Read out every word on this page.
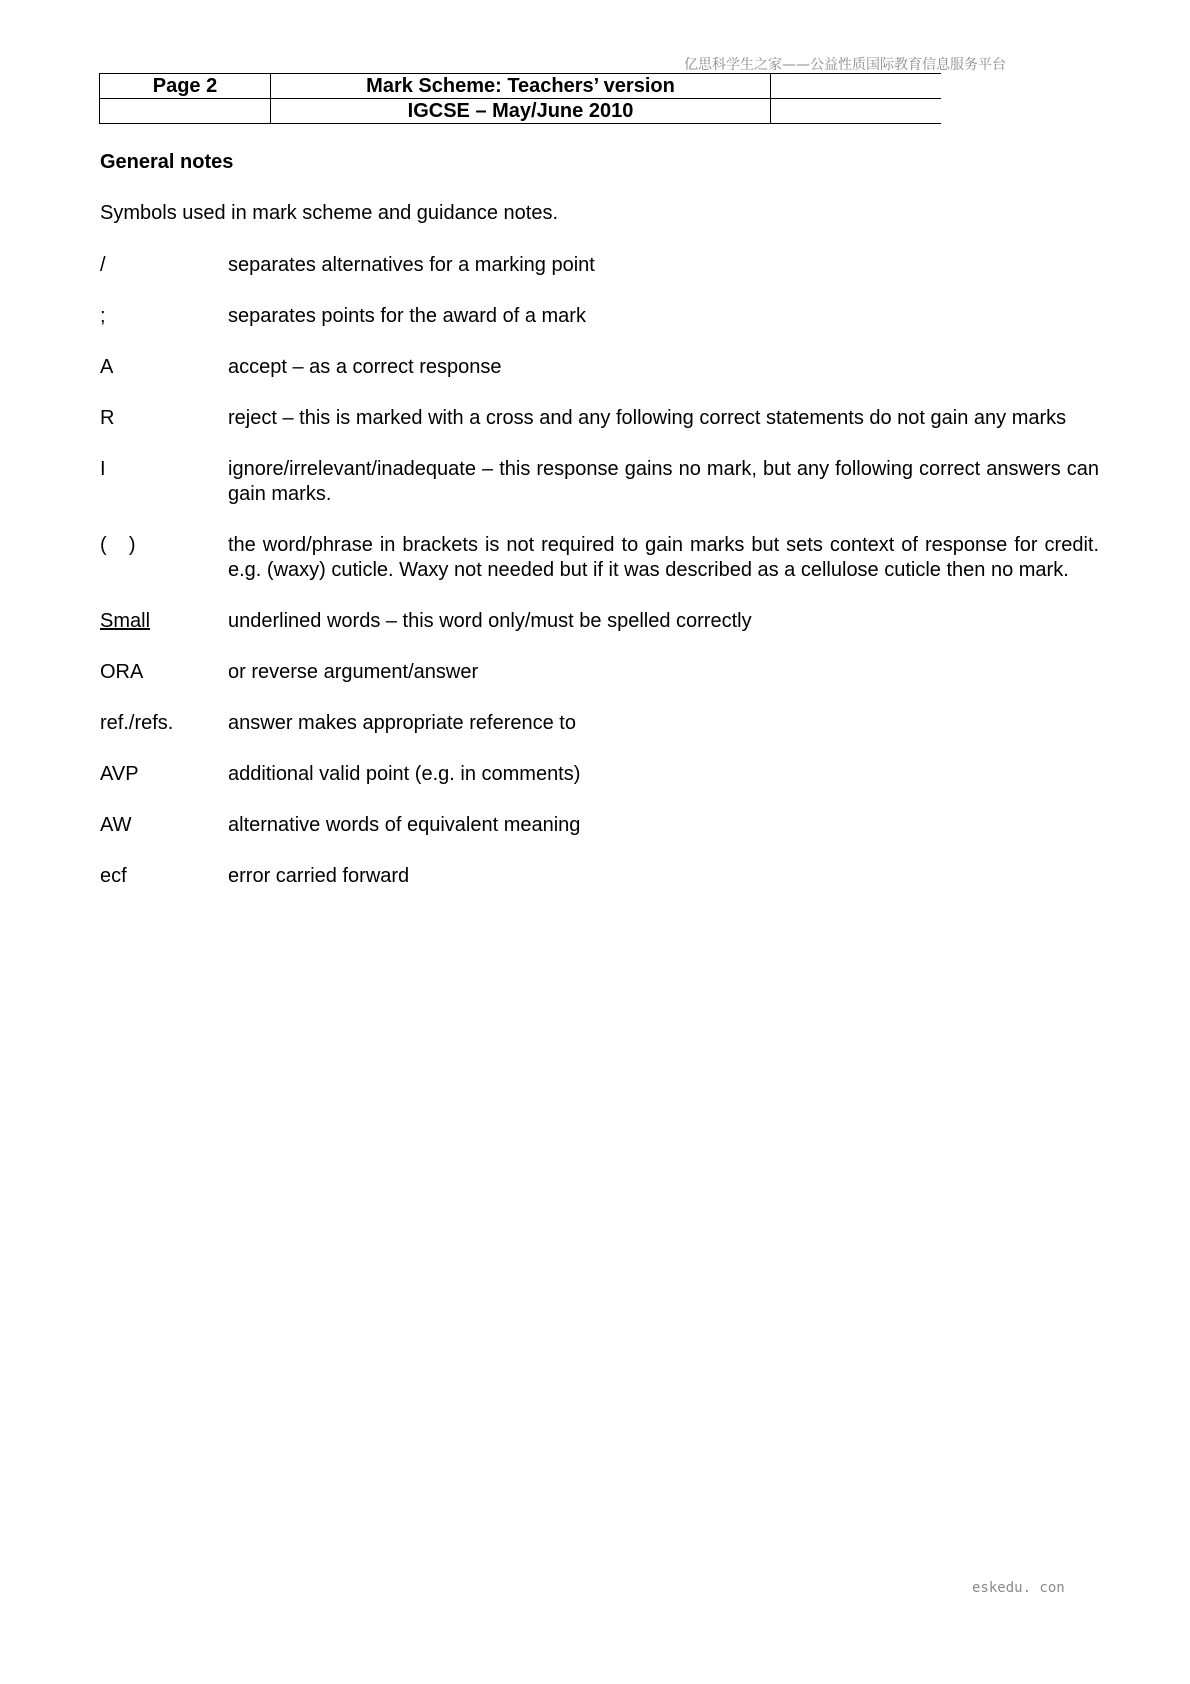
亿思科学生之家——公益性质国际教育信息服务平台
Page 2	Mark Scheme: Teachers’ version	
	IGCSE – May/June 2010	
General notes
Symbols used in mark scheme and guidance notes.
/	separates alternatives for a marking point
;	separates points for the award of a mark
A	accept – as a correct response
R	reject – this is marked with a cross and any following correct statements do not gain any marks
I	ignore/irrelevant/inadequate – this response gains no mark, but any following correct answers can gain marks.
(    )	the word/phrase in brackets is not required to gain marks but sets context of response for credit. e.g. (waxy) cuticle. Waxy not needed but if it was described as a cellulose cuticle then no mark.
Small	underlined words – this word only/must be spelled correctly
ORA	or reverse argument/answer
ref./refs.	answer makes appropriate reference to
AVP	additional valid point (e.g. in comments)
AW	alternative words of equivalent meaning
ecf	error carried forward
eskedu. con
